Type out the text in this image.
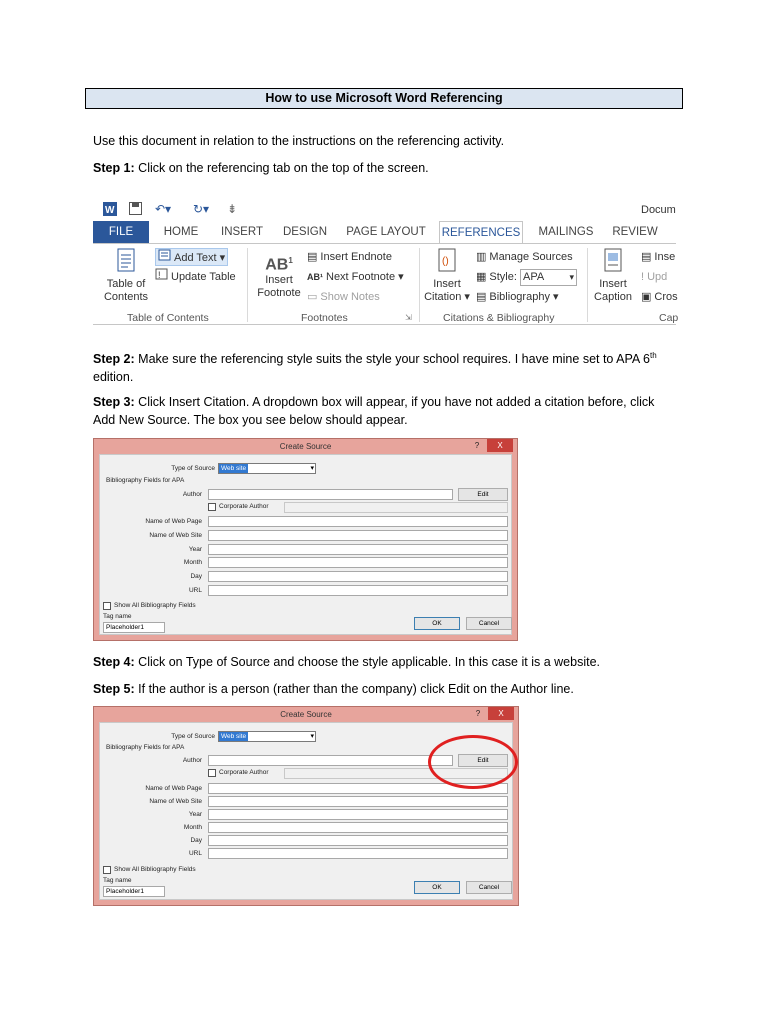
How to use Microsoft Word Referencing
Use this document in relation to the instructions on the referencing activity.
Step 1: Click on the referencing tab on the top of the screen.
W	↶▾ ↻▾ ⇟	Docum
FILE	HOME	INSERT	DESIGN	PAGE LAYOUT REFERENCES	MAILINGS	REVIEW
Table of Contents
Add Text ▾
! Update Table
Table of Contents
$AB^1$
Insert Footnote
▤ Insert Endnote
AB¹ Next Footnote ▾
▭ Show Notes
Footnotes	⇲
()
Insert Citation ▾
▥ Manage Sources
▦ Style: APA ▾
▤ Bibliography ▾
Citations & Bibliography
Insert Caption
▤ Inse
! Upd
▣ Cros
Cap
Step 2: Make sure the referencing style suits the style your school requires. I have mine set to APA 6th edition.
Step 3: Click Insert Citation. A dropdown box will appear, if you have not added a citation before, click Add New Source. The box you see below should appear.
Create Source	? X
Type of Source Web site	▾
Bibliography Fields for APA
Author	Edit
Corporate Author
Name of Web Page
Name of Web Site
Year
Month
Day
URL
Show All Bibliography Fields
Tag name
Placeholder1
OK	Cancel
Step 4: Click on Type of Source and choose the style applicable. In this case it is a website.
Step 5: If the author is a person (rather than the company) click Edit on the Author line.
Create Source	? X
Type of Source Web site	▾
Bibliography Fields for APA
Author	Edit
Corporate Author
Name of Web Page
Name of Web Site
Year
Month
Day
URL
Show All Bibliography Fields
Tag name
Placeholder1
OK	Cancel
